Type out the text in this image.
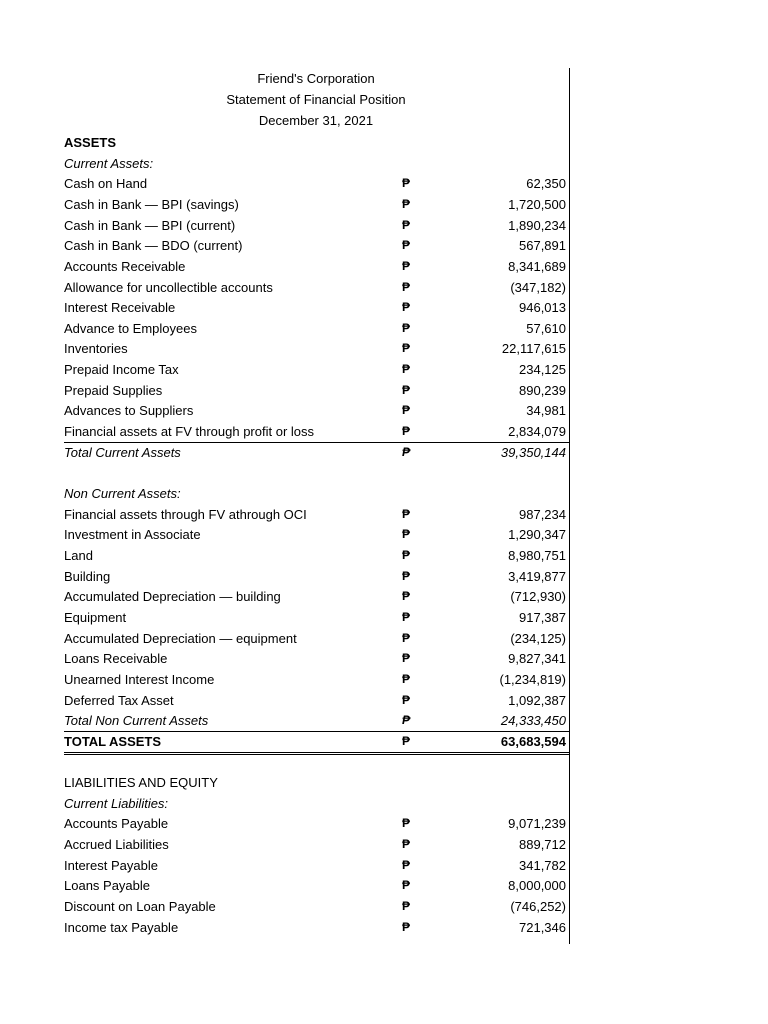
Friend's Corporation
Statement of Financial Position
December 31, 2021
ASSETS
Current Assets:
Cash on Hand	₱	62,350
Cash in Bank — BPI (savings)	₱	1,720,500
Cash in Bank — BPI (current)	₱	1,890,234
Cash in Bank — BDO (current)	₱	567,891
Accounts Receivable	₱	8,341,689
Allowance for uncollectible accounts	₱	(347,182)
Interest Receivable	₱	946,013
Advance to Employees	₱	57,610
Inventories	₱	22,117,615
Prepaid Income Tax	₱	234,125
Prepaid Supplies	₱	890,239
Advances to Suppliers	₱	34,981
Financial assets at FV through profit or loss	₱	2,834,079
Total Current Assets	₱	39,350,144
Non Current Assets:
Financial assets through FV athrough OCI	₱	987,234
Investment in Associate	₱	1,290,347
Land	₱	8,980,751
Building	₱	3,419,877
Accumulated Depreciation — building	₱	(712,930)
Equipment	₱	917,387
Accumulated Depreciation — equipment	₱	(234,125)
Loans Receivable	₱	9,827,341
Unearned Interest Income	₱	(1,234,819)
Deferred Tax Asset	₱	1,092,387
Total Non Current Assets	₱	24,333,450
TOTAL ASSETS	₱	63,683,594
LIABILITIES AND EQUITY
Current Liabilities:
Accounts Payable	₱	9,071,239
Accrued Liabilities	₱	889,712
Interest Payable	₱	341,782
Loans Payable	₱	8,000,000
Discount on Loan Payable	₱	(746,252)
Income tax Payable	₱	721,346
